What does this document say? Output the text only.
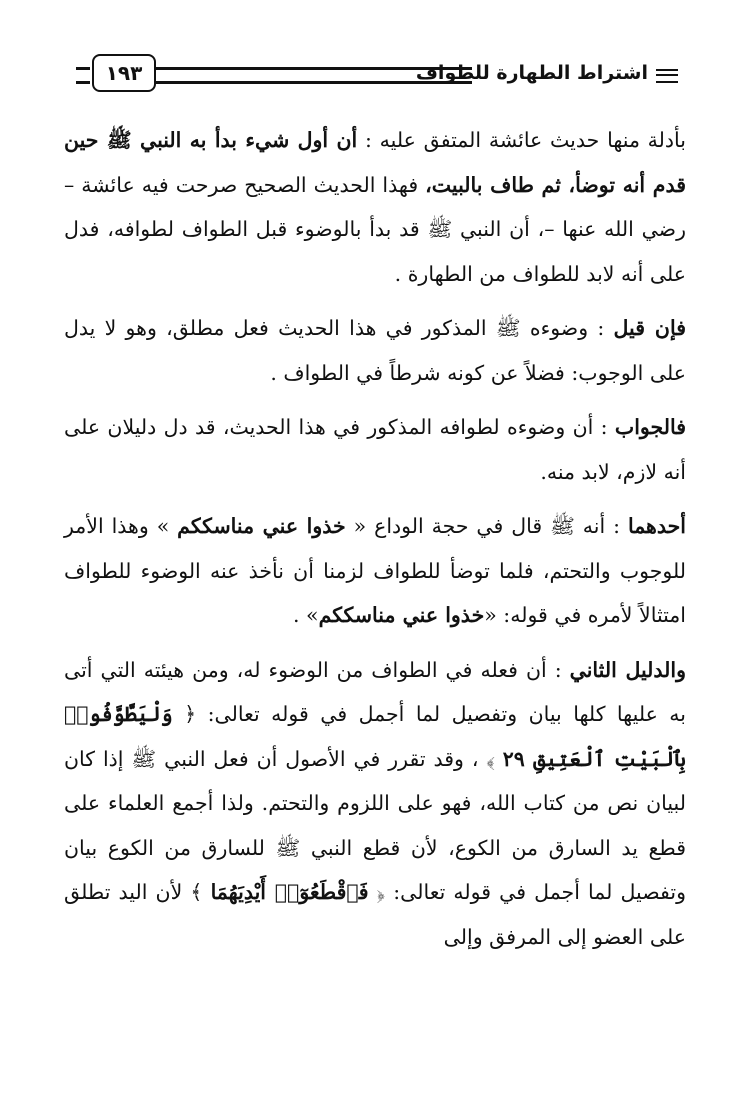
اشتراط الطهارة للطواف
١٩٣

بأدلة منها حديث عائشة المتفق عليه : أن أول شيء بدأ به النبي ﷺ حين قدم أنه توضأ، ثم طاف بالبيت، فهذا الحديث الصحيح صرحت فيه عائشة – رضي الله عنها –، أن النبي ﷺ قد بدأ بالوضوء قبل الطواف لطوافه، فدل على أنه لابد للطواف من الطهارة .

فإن قيل : وضوءه ﷺ المذكور في هذا الحديث فعل مطلق، وهو لا يدل على الوجوب: فضلاً عن كونه شرطاً في الطواف .

فالجواب : أن وضوءه لطوافه المذكور في هذا الحديث، قد دل دليلان على أنه لازم، لابد منه.

أحدهما : أنه ﷺ قال في حجة الوداع « خذوا عني مناسككم » وهذا الأمر للوجوب والتحتم، فلما توضأ للطواف لزمنا أن نأخذ عنه الوضوء للطواف امتثالاً لأمره في قوله: «خذوا عني مناسككم» .

والدليل الثاني : أن فعله في الطواف من الوضوء له، ومن هيئته التي أتى به عليها كلها بيان وتفصيل لما أجمل في قوله تعالى: ﴿ وَلْيَطَّوَّفُوا۟ بِٱلْبَيْتِ ٱلْعَتِيقِ ٢٩ ﴾ ، وقد تقرر في الأصول أن فعل النبي ﷺ إذا كان لبيان نص من كتاب الله، فهو على اللزوم والتحتم. ولذا أجمع العلماء على قطع يد السارق من الكوع، لأن قطع النبي ﷺ للسارق من الكوع بيان وتفصيل لما أجمل في قوله تعالى: ﴿ فَٱقْطَعُوٓا۟ أَيْدِيَهُمَا ﴾ لأن اليد تطلق على العضو إلى المرفق وإلى
